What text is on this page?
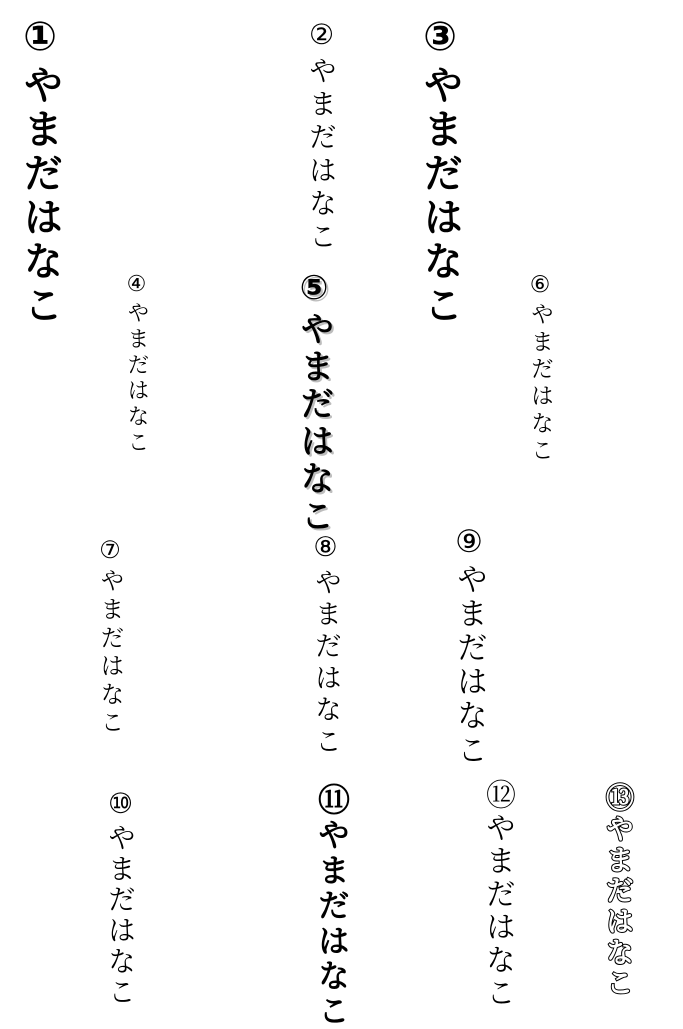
①やまだはなこ
②やまだはなこ
③やまだはなこ
④やまだはなこ
⑤やまだはなこ
⑥やまだはなこ
⑦やまだはなこ
⑧やまだはなこ
⑨やまだはなこ
⑩やまだはなこ
⑪やまだはなこ
⑫やまだはなこ
⑬やまだはなこ
